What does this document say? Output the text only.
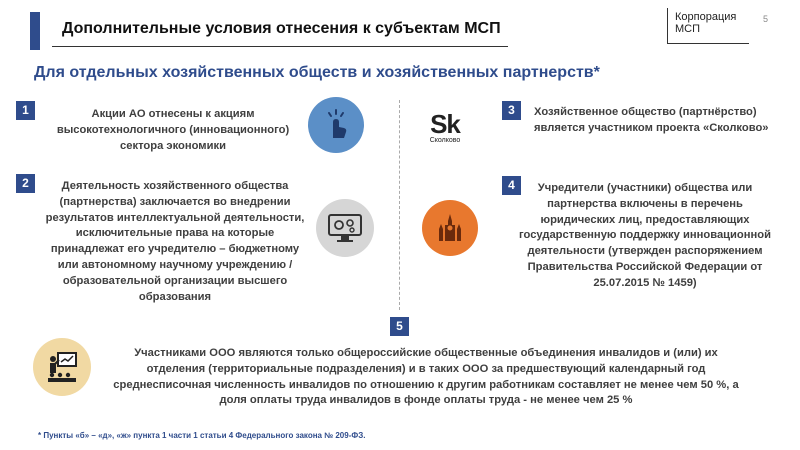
Дополнительные условия отнесения к субъектам МСП
Корпорация
МСП
5
Для отдельных хозяйственных обществ и хозяйственных партнерств*
1	Акции АО отнесены к акциям высокотехнологичного (инновационного) сектора экономики
2	Деятельность хозяйственного общества (партнерства) заключается во внедрении результатов интеллектуальной деятельности, исключительные права на которые принадлежат его учредителю – бюджетному или автономному научному учреждению / образовательной организации высшего образования
Sk
Сколково
3	Хозяйственное общество (партнёрство) является участником проекта «Сколково»
4	Учредители (участники) общества или партнерства включены в перечень юридических лиц, предоставляющих государственную поддержку инновационной деятельности (утвержден распоряжением Правительства Российской Федерации от 25.07.2015 № 1459)
5
Участниками ООО являются только общероссийские общественные объединения инвалидов и (или) их отделения (территориальные подразделения) и в таких ООО за предшествующий календарный год среднесписочная численность инвалидов по отношению к другим работникам составляет не менее чем 50 %, а доля оплаты труда инвалидов в фонде оплаты труда - не менее чем 25 %
* Пункты «б» – «д», «ж» пункта 1 части 1 статьи 4 Федерального закона № 209-ФЗ.
